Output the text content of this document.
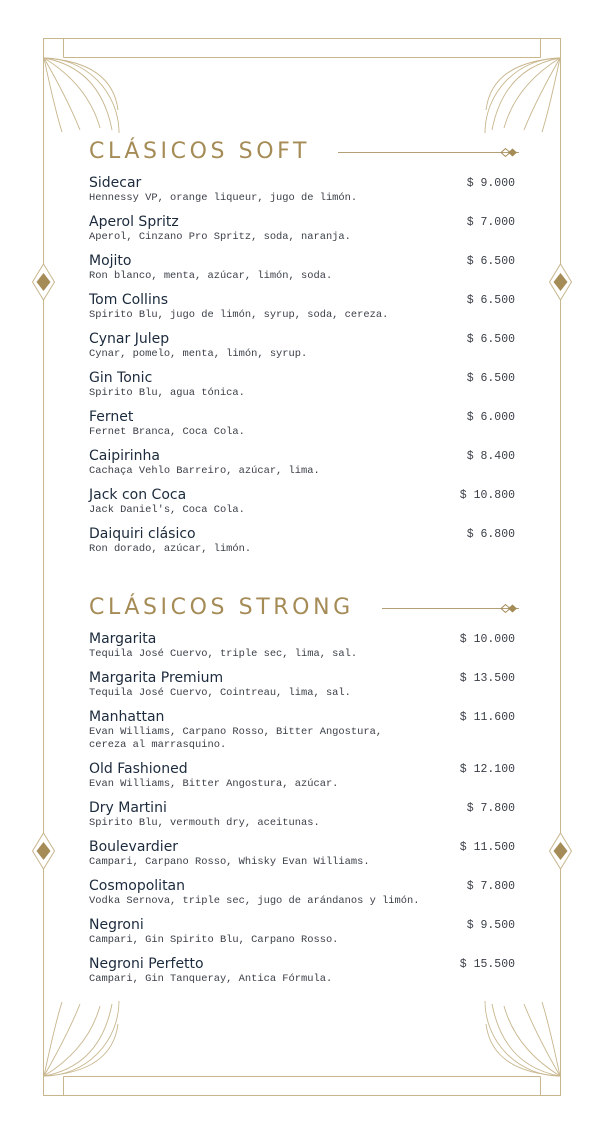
CLÁSICOS SOFT
Sidecar
Hennessy VP, orange liqueur, jugo de limón.
$ 9.000
Aperol Spritz
Aperol, Cinzano Pro Spritz, soda, naranja.
$ 7.000
Mojito
Ron blanco, menta, azúcar, limón, soda.
$ 6.500
Tom Collins
Spirito Blu, jugo de limón, syrup, soda, cereza.
$ 6.500
Cynar Julep
Cynar, pomelo, menta, limón, syrup.
$ 6.500
Gin Tonic
Spirito Blu, agua tónica.
$ 6.500
Fernet
Fernet Branca, Coca Cola.
$ 6.000
Caipirinha
Cachaça Vehlo Barreiro, azúcar, lima.
$ 8.400
Jack con Coca
Jack Daniel's, Coca Cola.
$ 10.800
Daiquiri clásico
Ron dorado, azúcar, limón.
$ 6.800
CLÁSICOS STRONG
Margarita
Tequila José Cuervo, triple sec, lima, sal.
$ 10.000
Margarita Premium
Tequila José Cuervo, Cointreau, lima, sal.
$ 13.500
Manhattan
Evan Williams, Carpano Rosso, Bitter Angostura, cereza al marrasquino.
$ 11.600
Old Fashioned
Evan Williams, Bitter Angostura, azúcar.
$ 12.100
Dry Martini
Spirito Blu, vermouth dry, aceitunas.
$ 7.800
Boulevardier
Campari, Carpano Rosso, Whisky Evan Williams.
$ 11.500
Cosmopolitan
Vodka Sernova, triple sec, jugo de arándanos y limón.
$ 7.800
Negroni
Campari, Gin Spirito Blu, Carpano Rosso.
$ 9.500
Negroni Perfetto
Campari, Gin Tanqueray, Antica Fórmula.
$ 15.500
